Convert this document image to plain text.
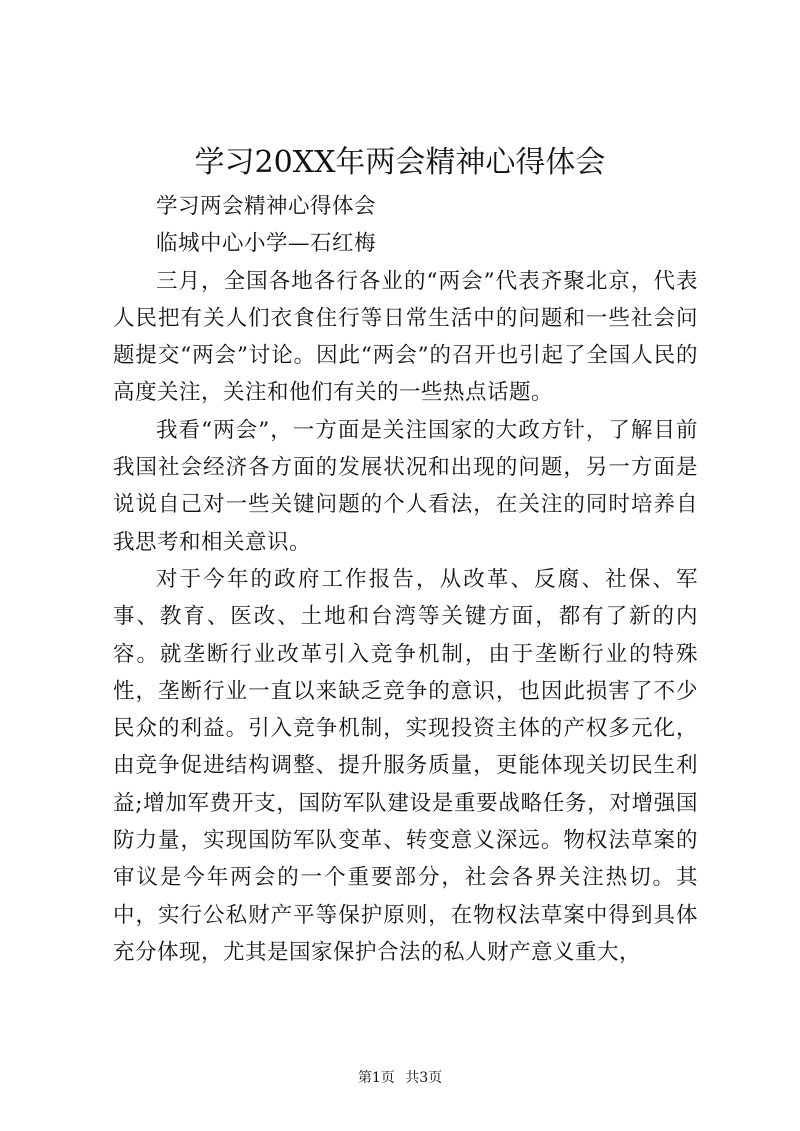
学习20XX年两会精神心得体会

学习两会精神心得体会

临城中心小学—石红梅

三月，全国各地各行各业的“两会”代表齐聚北京，代表人民把有关人们衣食住行等日常生活中的问题和一些社会问题提交“两会”讨论。因此“两会”的召开也引起了全国人民的高度关注，关注和他们有关的一些热点话题。

我看“两会”，一方面是关注国家的大政方针，了解目前我国社会经济各方面的发展状况和出现的问题，另一方面是说说自己对一些关键问题的个人看法，在关注的同时培养自我思考和相关意识。

对于今年的政府工作报告，从改革、反腐、社保、军事、教育、医改、土地和台湾等关键方面，都有了新的内容。就垄断行业改革引入竞争机制，由于垄断行业的特殊性，垄断行业一直以来缺乏竞争的意识，也因此损害了不少民众的利益。引入竞争机制，实现投资主体的产权多元化，由竞争促进结构调整、提升服务质量，更能体现关切民生利益;增加军费开支，国防军队建设是重要战略任务，对增强国防力量，实现国防军队变革、转变意义深远。物权法草案的审议是今年两会的一个重要部分，社会各界关注热切。其中，实行公私财产平等保护原则，在物权法草案中得到具体充分体现，尤其是国家保护合法的私人财产意义重大，

第1页 共3页
